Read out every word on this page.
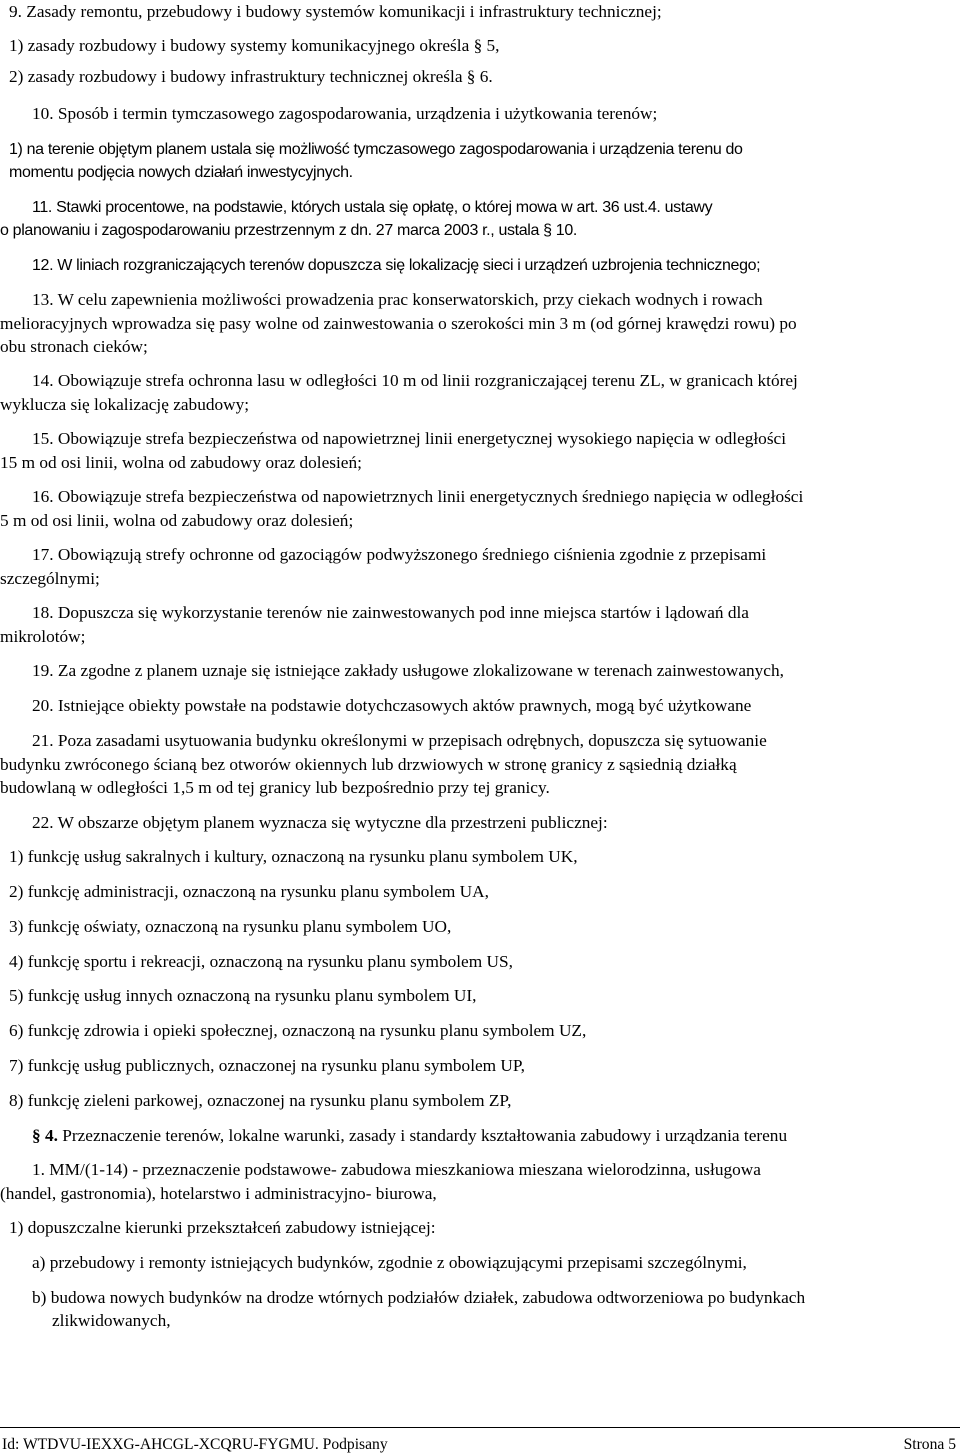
9. Zasady remontu, przebudowy i budowy systemów komunikacji i infrastruktury technicznej;
1) zasady rozbudowy i budowy systemy komunikacyjnego określa § 5,
2) zasady rozbudowy i budowy infrastruktury technicznej określa § 6.
10. Sposób i termin tymczasowego zagospodarowania, urządzenia i użytkowania terenów;
1) na terenie objętym planem ustala się możliwość tymczasowego zagospodarowania i urządzenia terenu do
momentu podjęcia nowych działań inwestycyjnych.
11. Stawki procentowe, na podstawie, których ustala się opłatę, o której mowa w art. 36 ust.4. ustawy
o planowaniu i zagospodarowaniu przestrzennym z dn. 27 marca 2003 r., ustala § 10.
12. W liniach rozgraniczających terenów dopuszcza się lokalizację sieci i urządzeń uzbrojenia technicznego;
13. W celu zapewnienia możliwości prowadzenia prac konserwatorskich, przy ciekach wodnych i rowach
melioracyjnych wprowadza się pasy wolne od zainwestowania o szerokości min 3 m (od górnej krawędzi rowu) po
obu stronach cieków;
14. Obowiązuje strefa ochronna lasu w odległości 10 m od linii rozgraniczającej terenu ZL, w granicach której
wyklucza się lokalizację zabudowy;
15. Obowiązuje strefa bezpieczeństwa od napowietrznej linii energetycznej wysokiego napięcia w odległości
15 m od osi linii, wolna od zabudowy oraz dolesień;
16. Obowiązuje strefa bezpieczeństwa od napowietrznych linii energetycznych średniego napięcia w odległości
5 m od osi linii, wolna od zabudowy oraz dolesień;
17. Obowiązują strefy ochronne od gazociągów podwyższonego średniego ciśnienia zgodnie z przepisami
szczególnymi;
18. Dopuszcza się wykorzystanie terenów nie zainwestowanych pod inne miejsca startów i lądowań dla
mikrolotów;
19. Za zgodne z planem uznaje się istniejące zakłady usługowe zlokalizowane w terenach zainwestowanych,
20. Istniejące obiekty powstałe na podstawie dotychczasowych aktów prawnych, mogą być użytkowane
21. Poza zasadami usytuowania budynku określonymi w przepisach odrębnych, dopuszcza się sytuowanie
budynku zwróconego ścianą bez otworów okiennych lub drzwiowych w stronę granicy z sąsiednią działką
budowlaną w odległości 1,5 m od tej granicy lub bezpośrednio przy tej granicy.
22. W obszarze objętym planem wyznacza się wytyczne dla przestrzeni publicznej:
1) funkcję usług sakralnych i kultury, oznaczoną na rysunku planu symbolem UK,
2) funkcję administracji, oznaczoną na rysunku planu symbolem UA,
3) funkcję oświaty, oznaczoną na rysunku planu symbolem UO,
4) funkcję sportu i rekreacji, oznaczoną na rysunku planu symbolem US,
5) funkcję usług innych oznaczoną na rysunku planu symbolem UI,
6) funkcję zdrowia i opieki społecznej, oznaczoną na rysunku planu symbolem UZ,
7) funkcję usług publicznych, oznaczonej na rysunku planu symbolem UP,
8) funkcję zieleni parkowej, oznaczonej na rysunku planu symbolem ZP,
§ 4. Przeznaczenie terenów, lokalne warunki, zasady i standardy kształtowania zabudowy i urządzania terenu
1. MM/(1-14) - przeznaczenie podstawowe- zabudowa mieszkaniowa mieszana wielorodzinna, usługowa
(handel, gastronomia), hotelarstwo i administracyjno- biurowa,
1) dopuszczalne kierunki przekształceń zabudowy istniejącej:
a) przebudowy i remonty istniejących budynków, zgodnie z obowiązującymi przepisami szczególnymi,
b) budowa nowych budynków na drodze wtórnych podziałów działek, zabudowa odtworzeniowa po budynkach
zlikwidowanych,
Id: WTDVU-IEXXG-AHCGL-XCQRU-FYGMU. Podpisany	Strona 5
